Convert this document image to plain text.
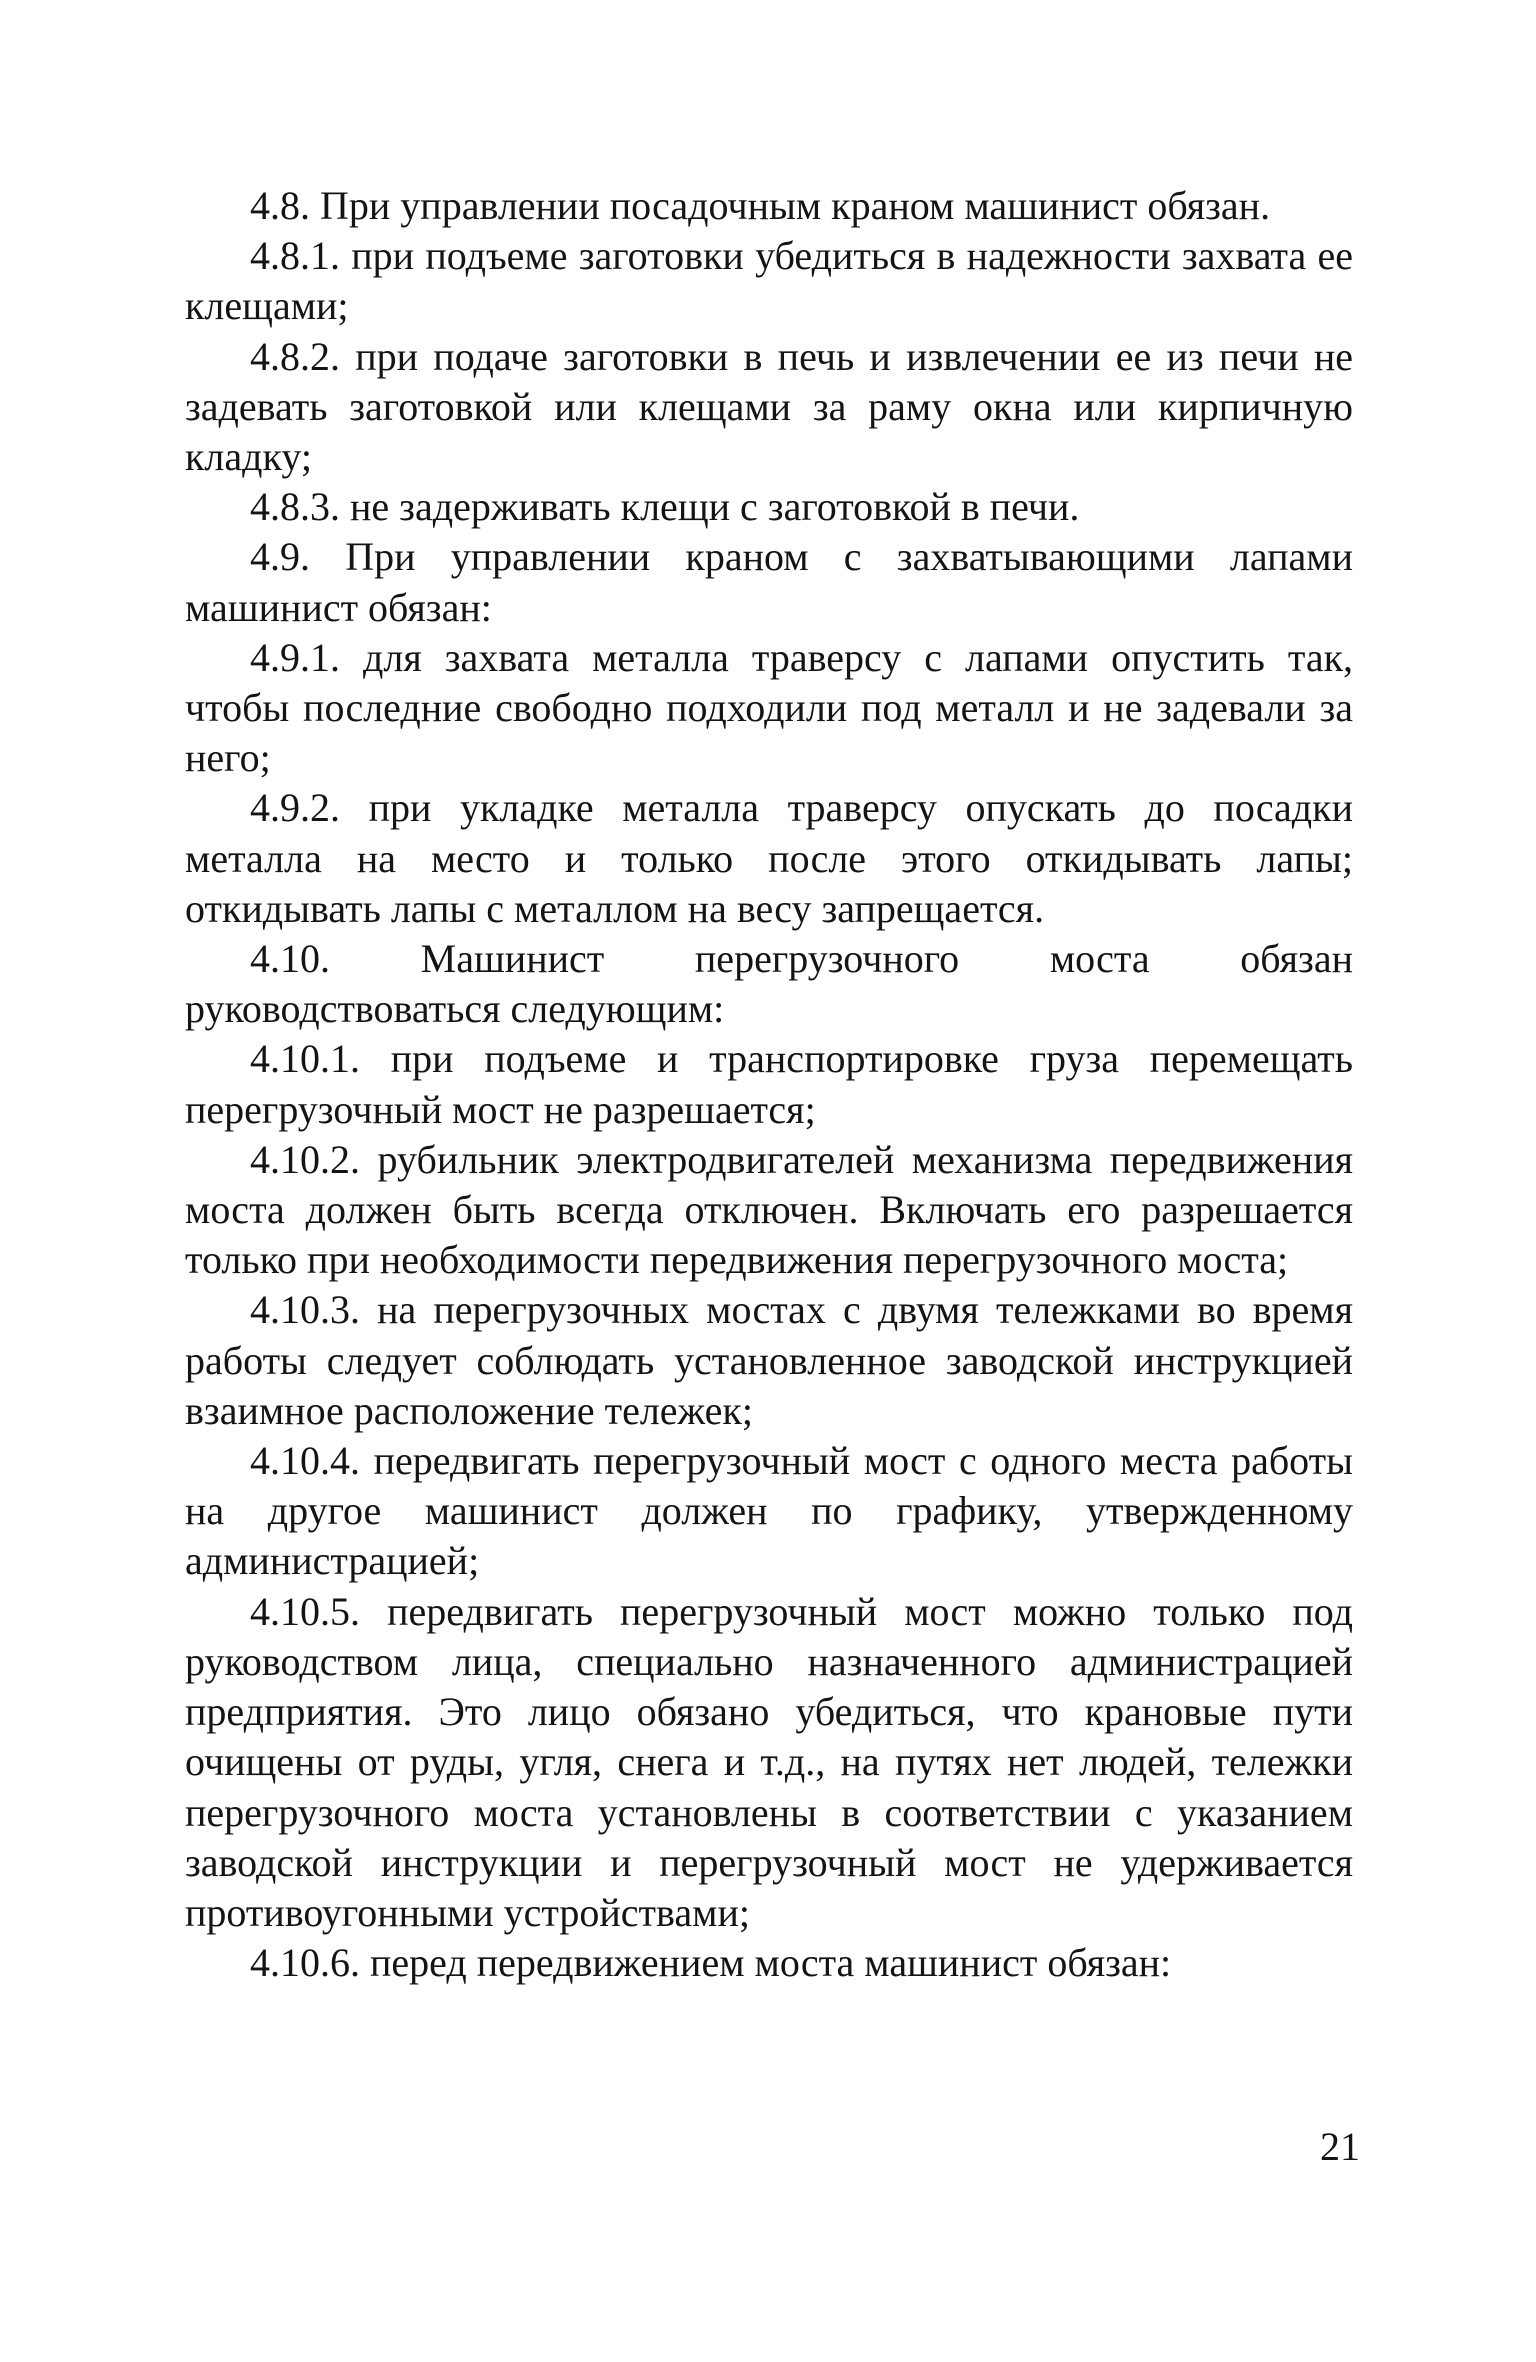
4.8. При управлении посадочным краном машинист обязан.

4.8.1. при подъеме заготовки убедиться в надежности захвата ее клещами;

4.8.2. при подаче заготовки в печь и извлечении ее из печи не задевать заготовкой или клещами за раму окна или кирпичную кладку;

4.8.3. не задерживать клещи с заготовкой в печи.

4.9. При управлении краном с захватывающими лапами машинист обязан:

4.9.1. для захвата металла траверсу с лапами опустить так, чтобы последние свободно подходили под металл и не задевали за него;

4.9.2. при укладке металла траверсу опускать до посадки металла на место и только после этого откидывать лапы; откидывать лапы с металлом на весу запрещается.

4.10. Машинист перегрузочного моста обязан руководствоваться следующим:

4.10.1. при подъеме и транспортировке груза перемещать перегрузочный мост не разрешается;

4.10.2. рубильник электродвигателей механизма передвижения моста должен быть всегда отключен. Включать его разрешается только при необходимости передвижения перегрузочного моста;

4.10.3. на перегрузочных мостах с двумя тележками во время работы следует соблюдать установленное заводской инструкцией взаимное расположение тележек;

4.10.4. передвигать перегрузочный мост с одного места работы на другое машинист должен по графику, утвержденному администрацией;

4.10.5. передвигать перегрузочный мост можно только под руководством лица, специально назначенного администрацией предприятия. Это лицо обязано убедиться, что крановые пути очищены от руды, угля, снега и т.д., на путях нет людей, тележки перегрузочного моста установлены в соответствии с указанием заводской инструкции и перегрузочный мост не удерживается противоугонными устройствами;

4.10.6. перед передвижением моста машинист обязан:

21
